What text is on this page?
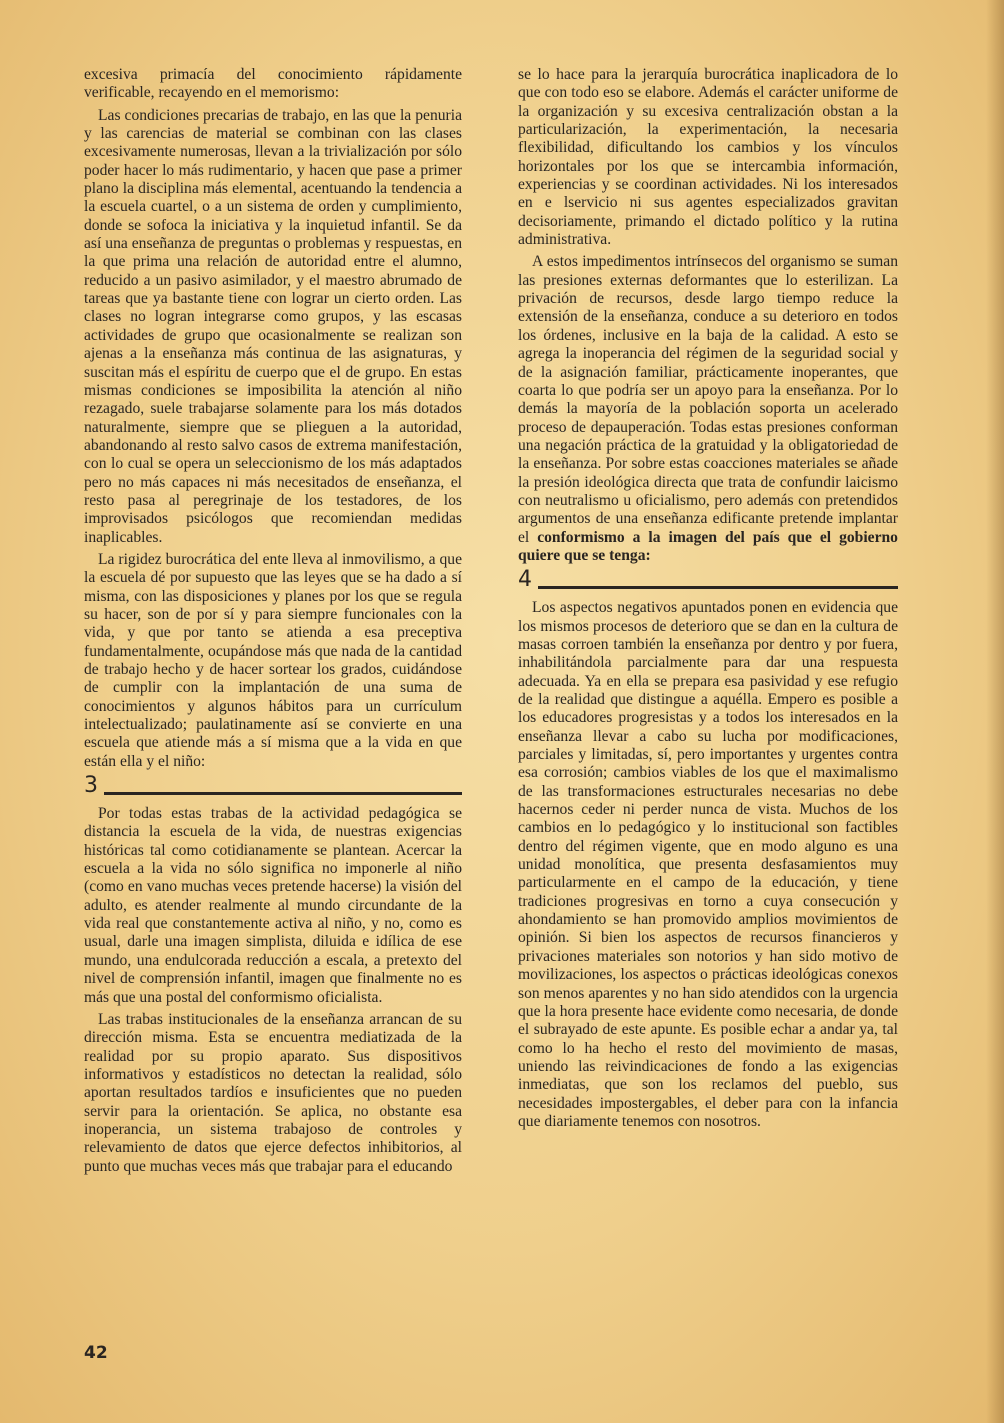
excesiva primacía del conocimiento rápidamente verificable, recayendo en el memorismo:

Las condiciones precarias de trabajo, en las que la penuria y las carencias de material se combinan con las clases excesivamente numerosas, llevan a la trivialización por sólo poder hacer lo más rudimentario, y hacen que pase a primer plano la disciplina más elemental, acentuando la tendencia a la escuela cuartel, o a un sistema de orden y cumplimiento, donde se sofoca la iniciativa y la inquietud infantil. Se da así una enseñanza de preguntas o problemas y respuestas, en la que prima una relación de autoridad entre el alumno, reducido a un pasivo asimilador, y el maestro abrumado de tareas que ya bastante tiene con lograr un cierto orden. Las clases no logran integrarse como grupos, y las escasas actividades de grupo que ocasionalmente se realizan son ajenas a la enseñanza más continua de las asignaturas, y suscitan más el espíritu de cuerpo que el de grupo. En estas mismas condiciones se imposibilita la atención al niño rezagado, suele trabajarse solamente para los más dotados naturalmente, siempre que se plieguen a la autoridad, abandonando al resto salvo casos de extrema manifestación, con lo cual se opera un seleccionismo de los más adaptados pero no más capaces ni más necesitados de enseñanza, el resto pasa al peregrinaje de los testadores, de los improvisados psicólogos que recomiendan medidas inaplicables.

La rigidez burocrática del ente lleva al inmovilismo, a que la escuela dé por supuesto que las leyes que se ha dado a sí misma, con las disposiciones y planes por los que se regula su hacer, son de por sí y para siempre funcionales con la vida, y que por tanto se atienda a esa preceptiva fundamentalmente, ocupándose más que nada de la cantidad de trabajo hecho y de hacer sortear los grados, cuidándose de cumplir con la implantación de una suma de conocimientos y algunos hábitos para un currículum intelectualizado; paulatinamente así se convierte en una escuela que atiende más a sí misma que a la vida en que están ella y el niño:

3

Por todas estas trabas de la actividad pedagógica se distancia la escuela de la vida, de nuestras exigencias históricas tal como cotidianamente se plantean. Acercar la escuela a la vida no sólo significa no imponerle al niño (como en vano muchas veces pretende hacerse) la visión del adulto, es atender realmente al mundo circundante de la vida real que constantemente activa al niño, y no, como es usual, darle una imagen simplista, diluida e idílica de ese mundo, una endulcorada reducción a escala, a pretexto del nivel de comprensión infantil, imagen que finalmente no es más que una postal del conformismo oficialista.

Las trabas institucionales de la enseñanza arrancan de su dirección misma. Esta se encuentra mediatizada de la realidad por su propio aparato. Sus dispositivos informativos y estadísticos no detectan la realidad, sólo aportan resultados tardíos e insuficientes que no pueden servir para la orientación. Se aplica, no obstante esa inoperancia, un sistema trabajoso de controles y relevamiento de datos que ejerce defectos inhibitorios, al punto que muchas veces más que trabajar para el educando

se lo hace para la jerarquía burocrática inaplicadora de lo que con todo eso se elabore. Además el carácter uniforme de la organización y su excesiva centralización obstan a la particularización, la experimentación, la necesaria flexibilidad, dificultando los cambios y los vínculos horizontales por los que se intercambia información, experiencias y se coordinan actividades. Ni los interesados en e lservicio ni sus agentes especializados gravitan decisoriamente, primando el dictado político y la rutina administrativa.

A estos impedimentos intrínsecos del organismo se suman las presiones externas deformantes que lo esterilizan. La privación de recursos, desde largo tiempo reduce la extensión de la enseñanza, conduce a su deterioro en todos los órdenes, inclusive en la baja de la calidad. A esto se agrega la inoperancia del régimen de la seguridad social y de la asignación familiar, prácticamente inoperantes, que coarta lo que podría ser un apoyo para la enseñanza. Por lo demás la mayoría de la población soporta un acelerado proceso de depauperación. Todas estas presiones conforman una negación práctica de la gratuidad y la obligatoriedad de la enseñanza. Por sobre estas coacciones materiales se añade la presión ideológica directa que trata de confundir laicismo con neutralismo u oficialismo, pero además con pretendidos argumentos de una enseñanza edificante pretende implantar el conformismo a la imagen del país que el gobierno quiere que se tenga:

4

Los aspectos negativos apuntados ponen en evidencia que los mismos procesos de deterioro que se dan en la cultura de masas corroen también la enseñanza por dentro y por fuera, inhabilitándola parcialmente para dar una respuesta adecuada. Ya en ella se prepara esa pasividad y ese refugio de la realidad que distingue a aquélla. Empero es posible a los educadores progresistas y a todos los interesados en la enseñanza llevar a cabo su lucha por modificaciones, parciales y limitadas, sí, pero importantes y urgentes contra esa corrosión; cambios viables de los que el maximalismo de las transformaciones estructurales necesarias no debe hacernos ceder ni perder nunca de vista. Muchos de los cambios en lo pedagógico y lo institucional son factibles dentro del régimen vigente, que en modo alguno es una unidad monolítica, que presenta desfasamientos muy particularmente en el campo de la educación, y tiene tradiciones progresivas en torno a cuya consecución y ahondamiento se han promovido amplios movimientos de opinión. Si bien los aspectos de recursos financieros y privaciones materiales son notorios y han sido motivo de movilizaciones, los aspectos o prácticas ideológicas conexos son menos aparentes y no han sido atendidos con la urgencia que la hora presente hace evidente como necesaria, de donde el subrayado de este apunte. Es posible echar a andar ya, tal como lo ha hecho el resto del movimiento de masas, uniendo las reivindicaciones de fondo a las exigencias inmediatas, que son los reclamos del pueblo, sus necesidades impostergables, el deber para con la infancia que diariamente tenemos con nosotros.

42
